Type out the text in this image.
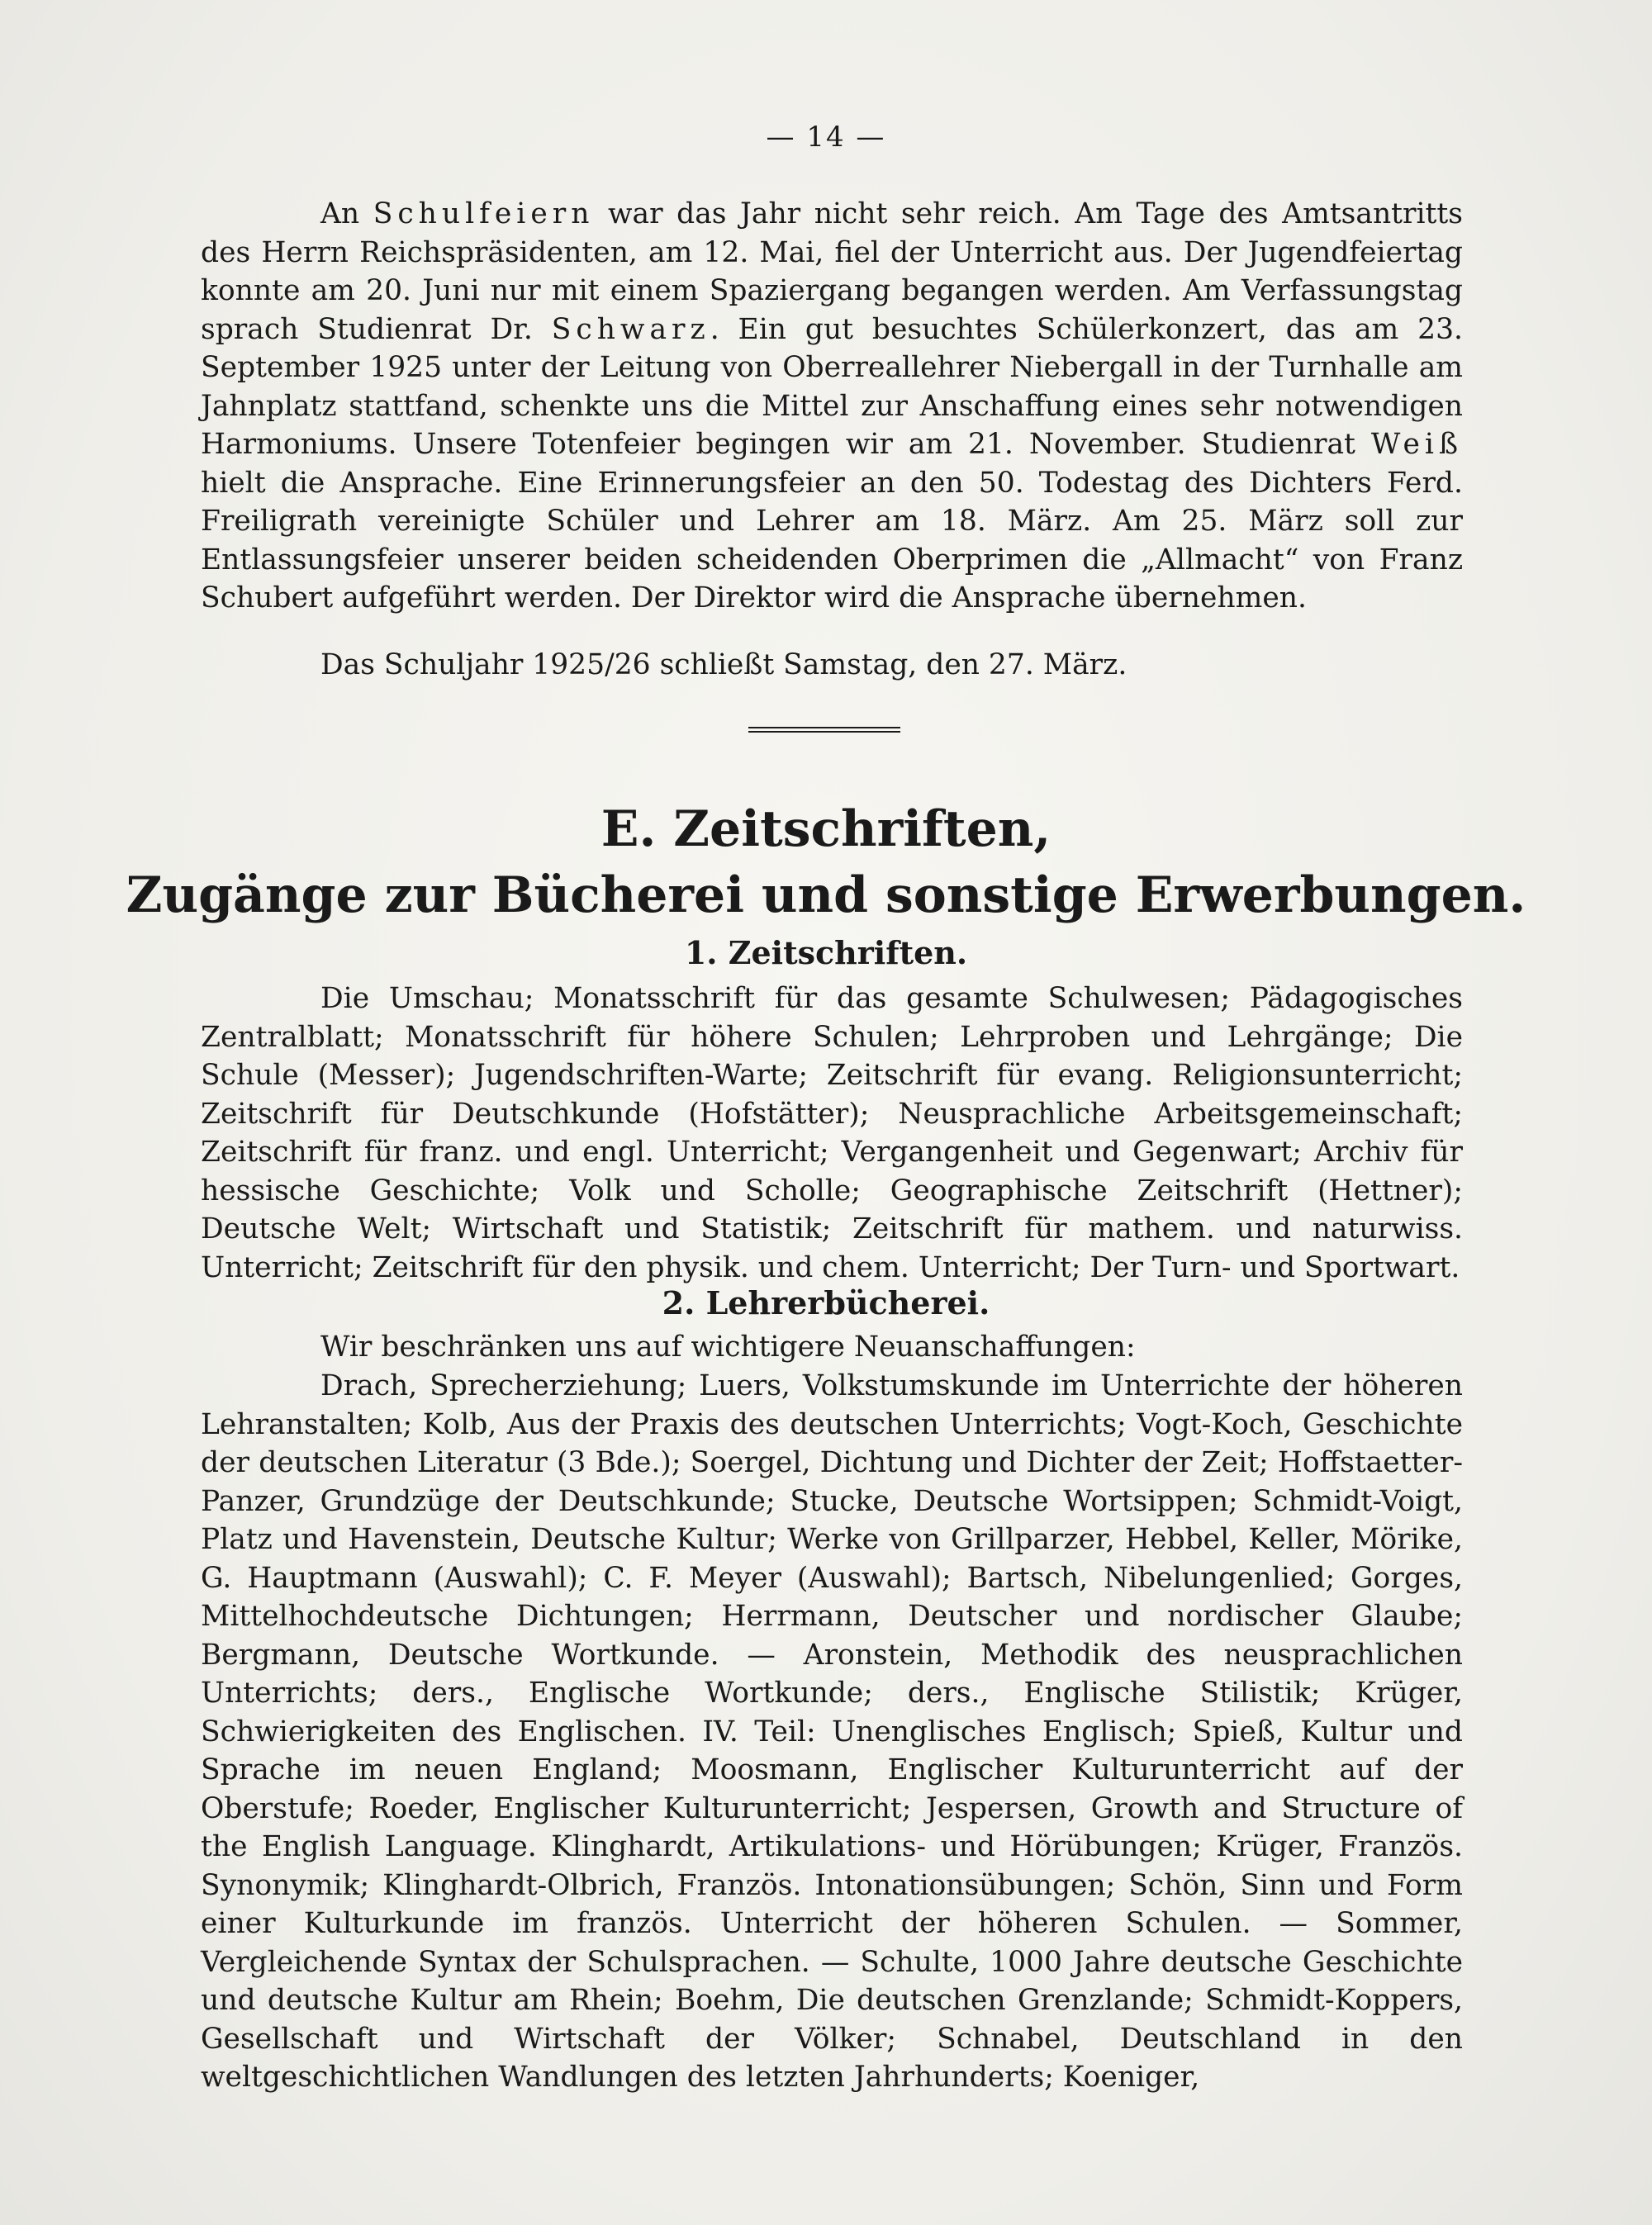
— 14 —

An Schulfeiern war das Jahr nicht sehr reich. Am Tage des Amtsantritts des Herrn Reichspräsidenten, am 12. Mai, fiel der Unterricht aus. Der Jugendfeiertag konnte am 20. Juni nur mit einem Spaziergang begangen werden. Am Verfassungstag sprach Studienrat Dr. Schwarz. Ein gut besuchtes Schülerkonzert, das am 23. September 1925 unter der Leitung von Oberreallehrer Niebergall in der Turnhalle am Jahnplatz stattfand, schenkte uns die Mittel zur Anschaffung eines sehr notwendigen Harmoniums. Unsere Totenfeier begingen wir am 21. November. Studienrat Weiß hielt die Ansprache. Eine Erinnerungsfeier an den 50. Todestag des Dichters Ferd. Freiligrath vereinigte Schüler und Lehrer am 18. März. Am 25. März soll zur Entlassungsfeier unserer beiden scheidenden Oberprimen die „Allmacht“ von Franz Schubert aufgeführt werden. Der Direktor wird die Ansprache übernehmen.

Das Schuljahr 1925/26 schließt Samstag, den 27. März.

E. Zeitschriften,
Zugänge zur Bücherei und sonstige Erwerbungen.
1. Zeitschriften.

Die Umschau; Monatsschrift für das gesamte Schulwesen; Pädagogisches Zentralblatt; Monatsschrift für höhere Schulen; Lehrproben und Lehrgänge; Die Schule (Messer); Jugendschriften-Warte; Zeitschrift für evang. Religionsunterricht; Zeitschrift für Deutschkunde (Hofstätter); Neusprachliche Arbeitsgemeinschaft; Zeitschrift für franz. und engl. Unterricht; Vergangenheit und Gegenwart; Archiv für hessische Geschichte; Volk und Scholle; Geographische Zeitschrift (Hettner); Deutsche Welt; Wirtschaft und Statistik; Zeitschrift für mathem. und naturwiss. Unterricht; Zeitschrift für den physik. und chem. Unterricht; Der Turn- und Sportwart.

2. Lehrerbücherei.

Wir beschränken uns auf wichtigere Neuanschaffungen:

Drach, Sprecherziehung; Luers, Volkstumskunde im Unterrichte der höheren Lehranstalten; Kolb, Aus der Praxis des deutschen Unterrichts; Vogt-Koch, Geschichte der deutschen Literatur (3 Bde.); Soergel, Dichtung und Dichter der Zeit; Hoffstaetter-Panzer, Grundzüge der Deutschkunde; Stucke, Deutsche Wortsippen; Schmidt-Voigt, Platz und Havenstein, Deutsche Kultur; Werke von Grillparzer, Hebbel, Keller, Mörike, G. Hauptmann (Auswahl); C. F. Meyer (Auswahl); Bartsch, Nibelungenlied; Gorges, Mittelhochdeutsche Dichtungen; Herrmann, Deutscher und nordischer Glaube; Bergmann, Deutsche Wortkunde. — Aronstein, Methodik des neusprachlichen Unterrichts; ders., Englische Wortkunde; ders., Englische Stilistik; Krüger, Schwierigkeiten des Englischen. IV. Teil: Unenglisches Englisch; Spieß, Kultur und Sprache im neuen England; Moosmann, Englischer Kulturunterricht auf der Oberstufe; Roeder, Englischer Kulturunterricht; Jespersen, Growth and Structure of the English Language. Klinghardt, Artikulations- und Hörübungen; Krüger, Französ. Synonymik; Klinghardt-Olbrich, Französ. Intonationsübungen; Schön, Sinn und Form einer Kulturkunde im französ. Unterricht der höheren Schulen. — Sommer, Vergleichende Syntax der Schulsprachen. — Schulte, 1000 Jahre deutsche Geschichte und deutsche Kultur am Rhein; Boehm, Die deutschen Grenzlande; Schmidt-Koppers, Gesellschaft und Wirtschaft der Völker; Schnabel, Deutschland in den weltgeschichtlichen Wandlungen des letzten Jahrhunderts; Koeniger,
